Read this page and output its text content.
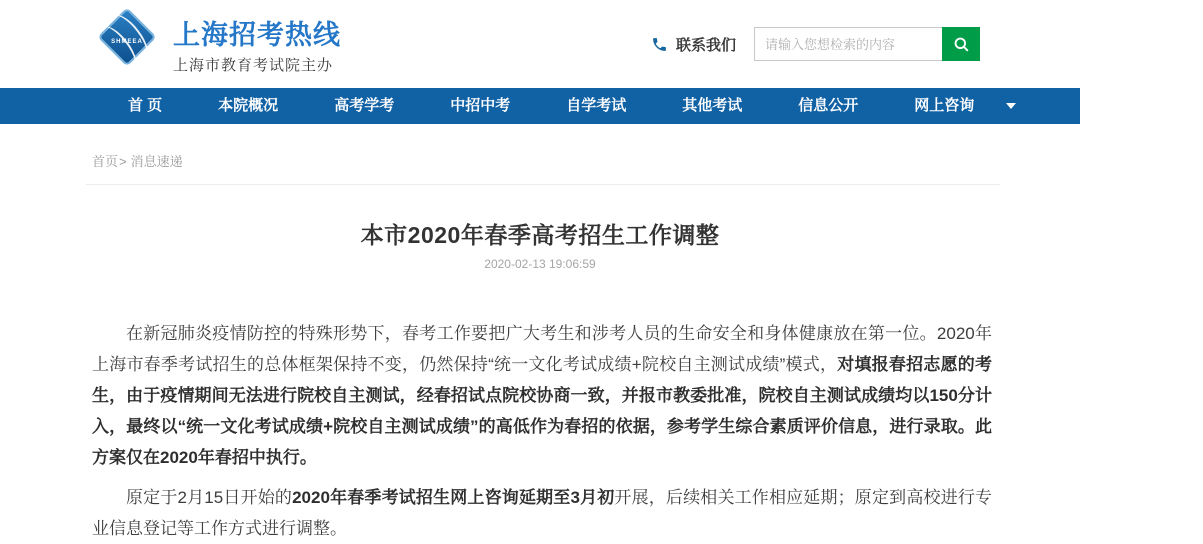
SHMEEA 上海招考热线
上海市教育考试院主办
联系我们
请输入您想检索的内容
首 页	本院概况	高考学考	中招中考	自学考试	其他考试	信息公开	网上咨询	官方渠道
首页> 消息速递
本市2020年春季高考招生工作调整
2020-02-13 19:06:59

在新冠肺炎疫情防控的特殊形势下，春考工作要把广大考生和涉考人员的生命安全和身体健康放在第一位。2020年上海市春季考试招生的总体框架保持不变，仍然保持“统一文化考试成绩+院校自主测试成绩”模式，对填报春招志愿的考生，由于疫情期间无法进行院校自主测试，经春招试点院校协商一致，并报市教委批准，院校自主测试成绩均以150分计入，最终以“统一文化考试成绩+院校自主测试成绩”的高低作为春招的依据，参考学生综合素质评价信息，进行录取。此方案仅在2020年春招中执行。

原定于2月15日开始的2020年春季考试招生网上咨询延期至3月初开展，后续相关工作相应延期；原定到高校进行专业信息登记等工作方式进行调整。
